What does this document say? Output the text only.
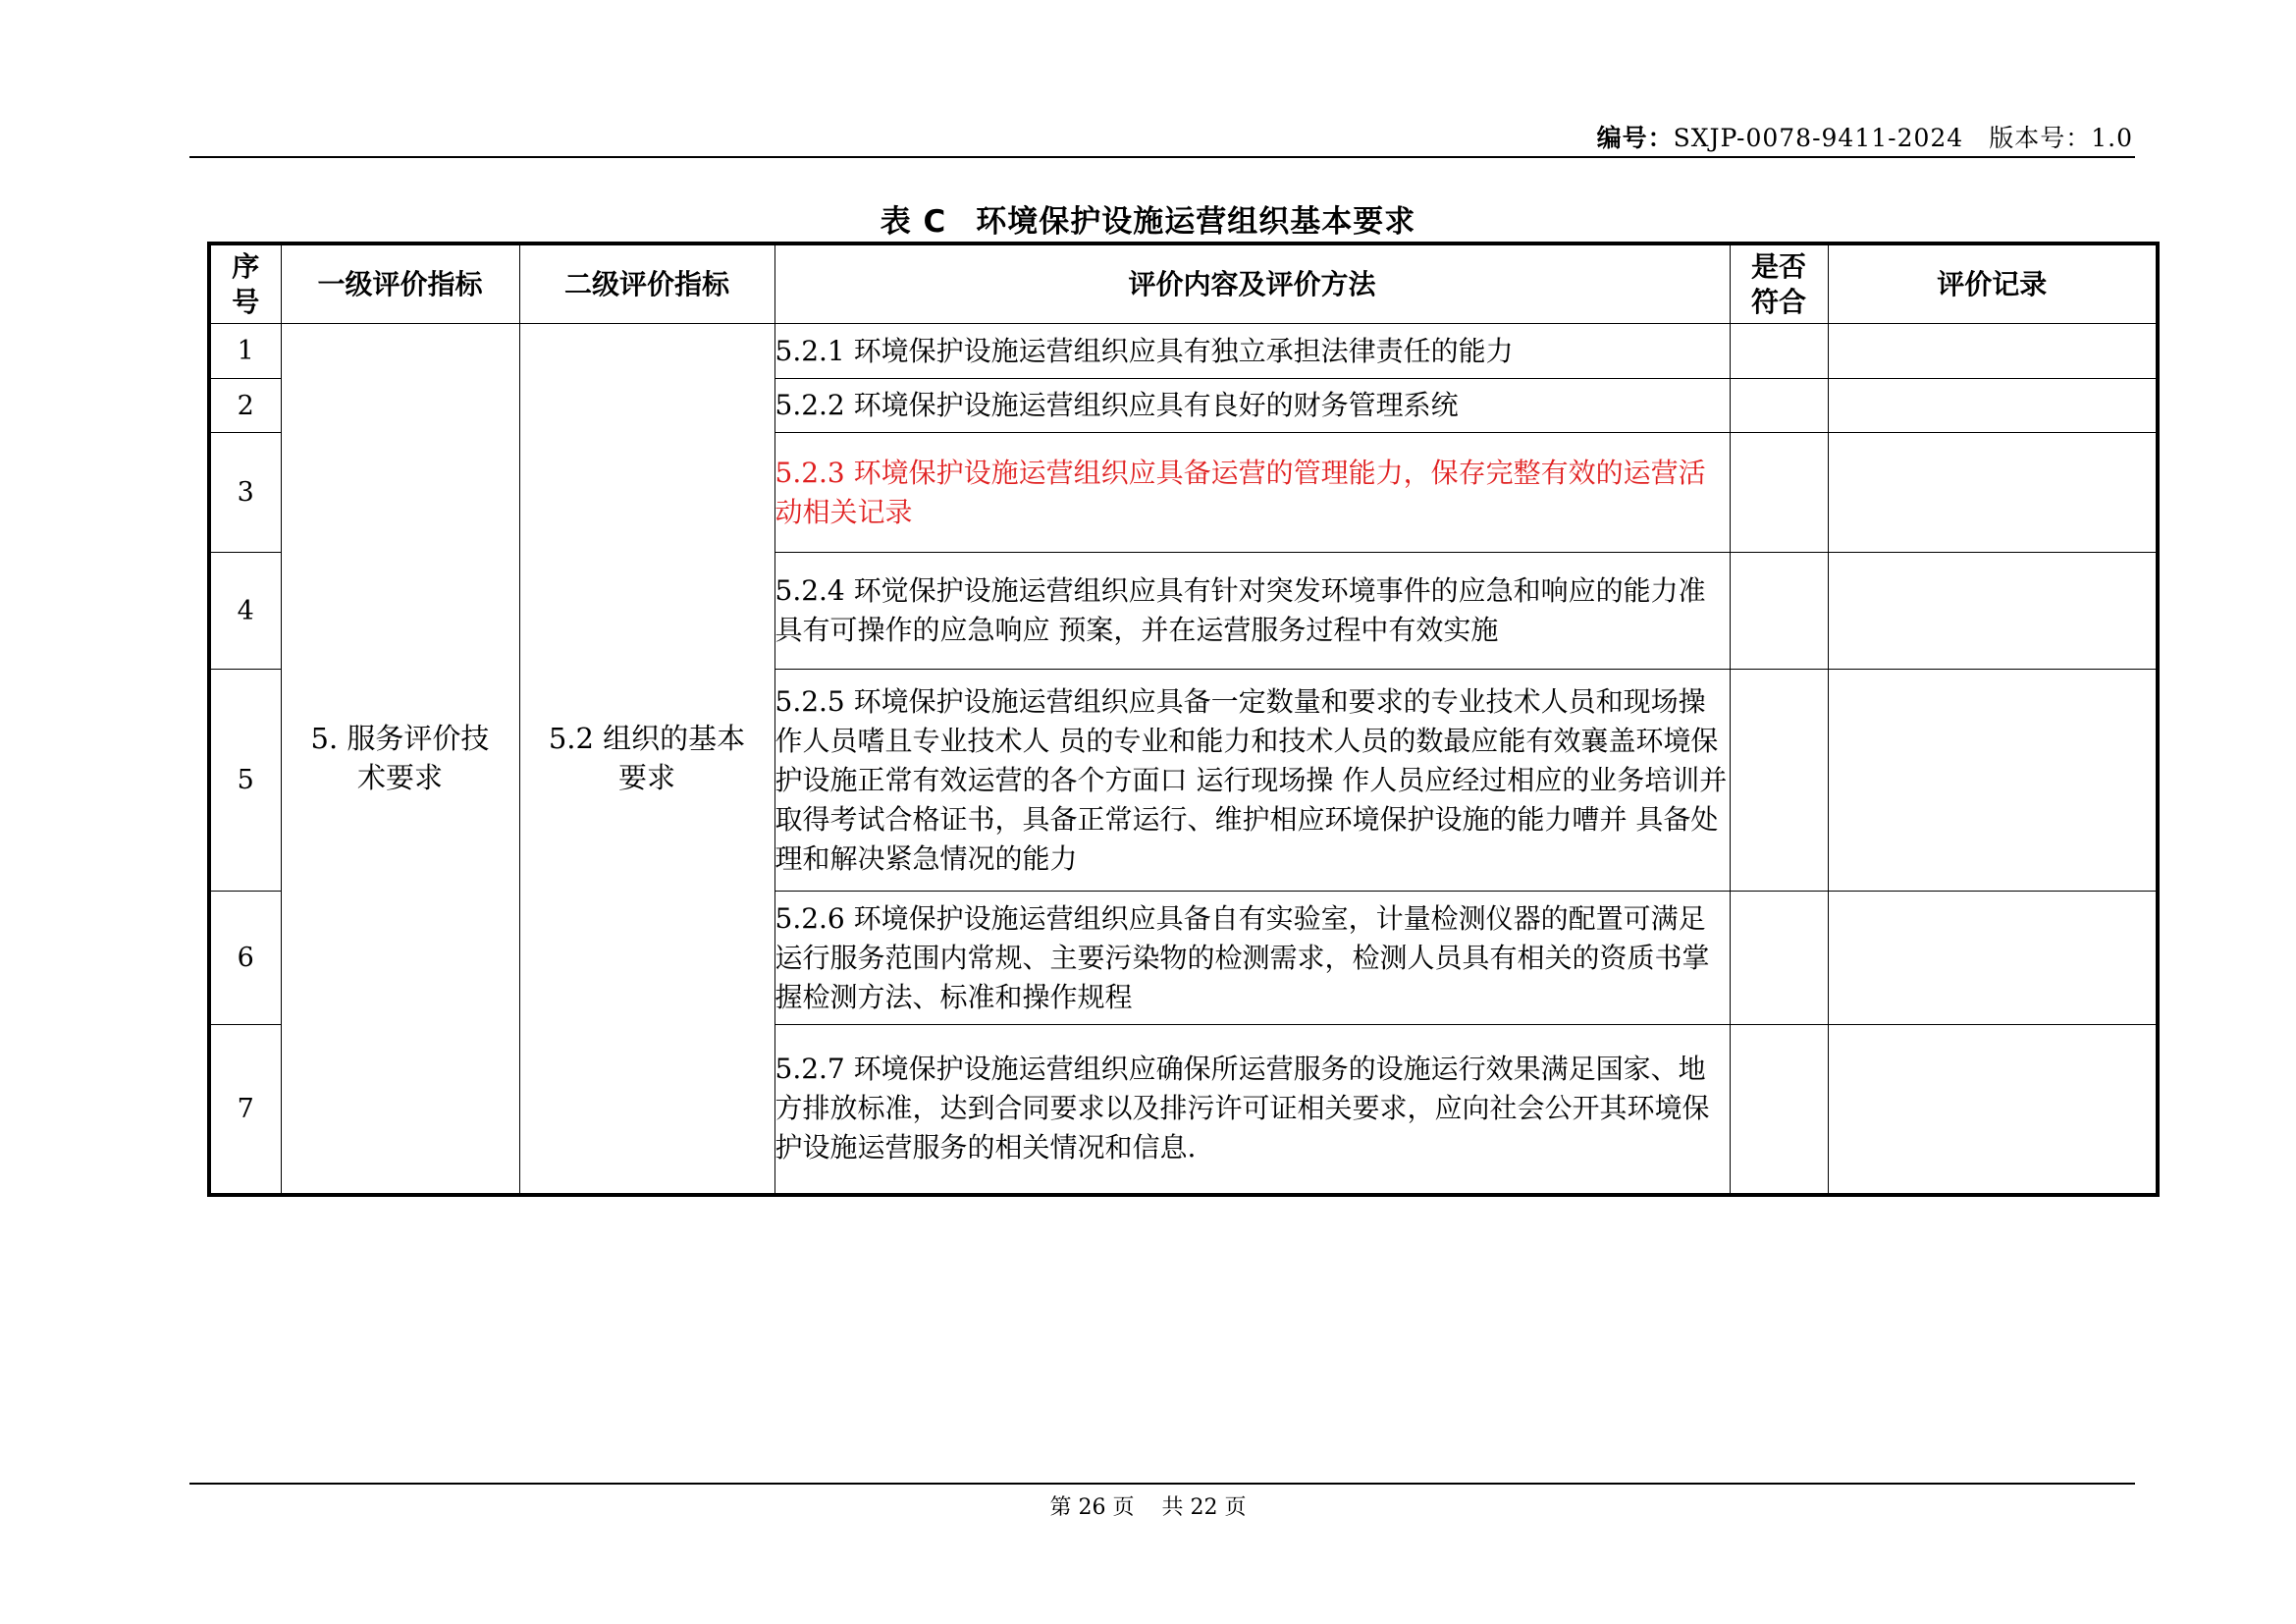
编号：SXJP-0078-9411-2024 版本号：1.0
表 C 环境保护设施运营组织基本要求
序号	一级评价指标	二级评价指标	评价内容及评价方法	是否符合	评价记录
1	5. 服务评价技术要求	5.2 组织的基本要求	5.2.1 环境保护设施运营组织应具有独立承担法律责任的能力		
2			5.2.2 环境保护设施运营组织应具有良好的财务管理系统		
3			5.2.3 环境保护设施运营组织应具备运营的管理能力，保存完整有效的运营活动相关记录		
4			5.2.4 环觉保护设施运营组织应具有针对突发环境事件的应急和响应的能力准具有可操作的应急响应 预案，并在运营服务过程中有效实施		
5			5.2.5 环境保护设施运营组织应具备一定数量和要求的专业技术人员和现场操作人员嗜且专业技术人 员的专业和能力和技术人员的数最应能有效襄盖环境保护设施正常有效运营的各个方面口 运行现场操 作人员应经过相应的业务培训并取得考试合格证书，具备正常运行、维护相应环境保护设施的能力嘈并 具备处理和解决紧急情况的能力		
6			5.2.6 环境保护设施运营组织应具备自有实验室，计量检测仪器的配置可满足运行服务范围内常规、主要污染物的检测需求，检测人员具有相关的资质书掌握检测方法、标准和操作规程		
7			5.2.7 环境保护设施运营组织应确保所运营服务的设施运行效果满足国家、地方排放标准，达到合同要求以及排污许可证相关要求，应向社会公开其环境保护设施运营服务的相关情况和信息.		
第 26 页 共 22 页
